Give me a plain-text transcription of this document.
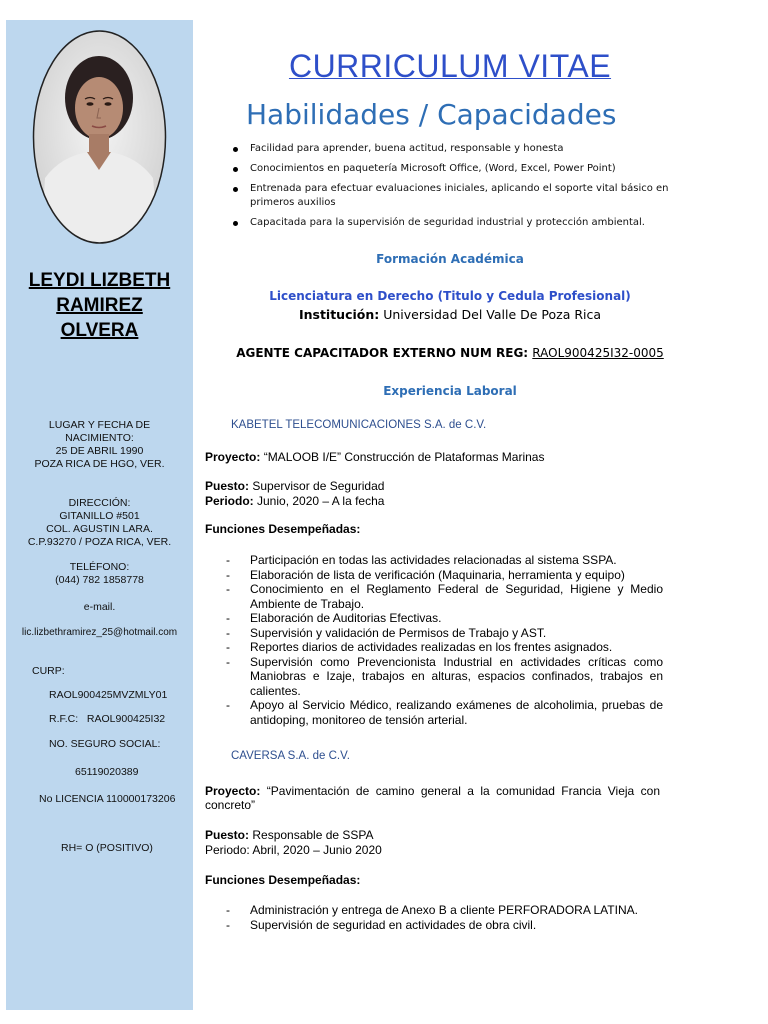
LEYDI LIZBETH
RAMIREZ
OLVERA
LUGAR Y FECHA DE
NACIMIENTO:
25 DE ABRIL 1990
POZA RICA DE HGO, VER.
DIRECCIÓN:
GITANILLO #501
COL. AGUSTIN LARA.
C.P.93270 / POZA RICA, VER.
TELÉFONO:
(044) 782 1858778
e-mail.
lic.lizbethramirez_25@hotmail.com
CURP:
RAOL900425MVZMLY01
R.F.C:   RAOL900425I32
NO. SEGURO SOCIAL:
65119020389
No LICENCIA 110000173206
RH= O (POSITIVO)
CURRICULUM VITAE
Habilidades / Capacidades
Facilidad para aprender, buena actitud, responsable y honesta
Conocimientos en paquetería Microsoft Office, (Word, Excel, Power Point)
Entrenada para efectuar evaluaciones iniciales, aplicando el soporte vital básico en primeros auxilios
Capacitada para la supervisión de seguridad industrial y protección ambiental.
Formación Académica
Licenciatura en Derecho (Titulo y Cedula Profesional)
Institución: Universidad Del Valle De Poza Rica
AGENTE CAPACITADOR EXTERNO NUM REG: RAOL900425I32-0005
Experiencia Laboral
KABETEL TELECOMUNICACIONES S.A. de C.V.
Proyecto: “MALOOB I/E” Construcción de Plataformas Marinas
Puesto: Supervisor de Seguridad
Periodo: Junio, 2020 – A la fecha
Funciones Desempeñadas:
- Participación en todas las actividades relacionadas al sistema SSPA.
- Elaboración de lista de verificación (Maquinaria, herramienta y equipo)
- Conocimiento en el Reglamento Federal de Seguridad, Higiene y Medio Ambiente de Trabajo.
- Elaboración de Auditorias Efectivas.
- Supervisión y validación de Permisos de Trabajo y AST.
- Reportes diarios de actividades realizadas en los frentes asignados.
- Supervisión como Prevencionista Industrial en actividades críticas como Maniobras e Izaje, trabajos en alturas, espacios confinados, trabajos en calientes.
- Apoyo al Servicio Médico, realizando exámenes de alcoholimia, pruebas de antidoping, monitoreo de tensión arterial.
CAVERSA S.A. de C.V.
Proyecto: “Pavimentación de camino general a la comunidad Francia Vieja con concreto”
Puesto: Responsable de SSPA
Periodo: Abril, 2020 – Junio 2020
Funciones Desempeñadas:
- Administración y entrega de Anexo B a cliente PERFORADORA LATINA.
- Supervisión de seguridad en actividades de obra civil.
